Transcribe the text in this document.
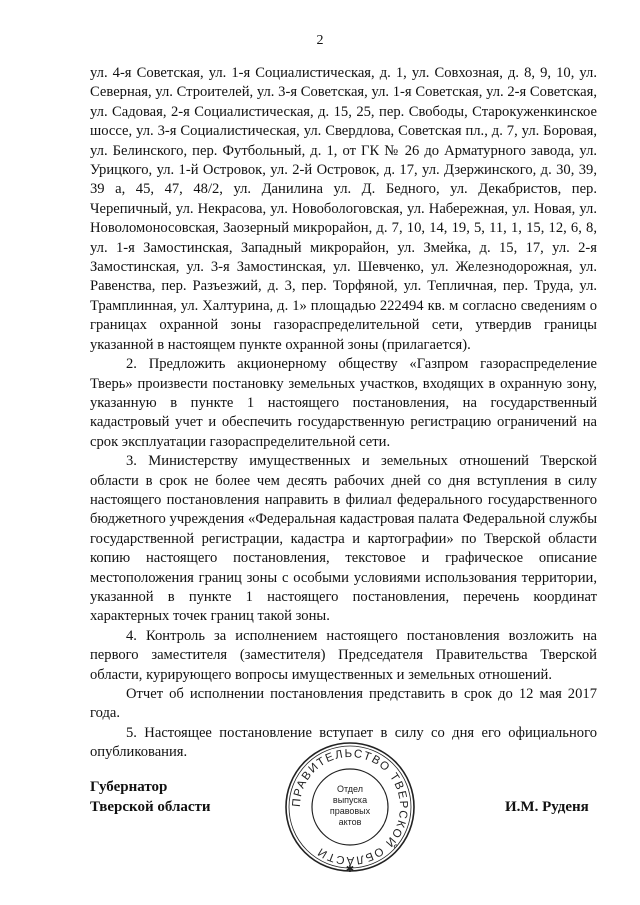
2

ул. 4-я Советская, ул. 1-я Социалистическая, д. 1, ул. Совхозная, д. 8, 9, 10, ул. Северная, ул. Строителей, ул. 3-я Советская, ул. 1-я Советская, ул. 2-я Советская, ул. Садовая, 2-я Социалистическая, д. 15, 25, пер. Свободы, Старокуженкинское шоссе, ул. 3-я Социалистическая, ул. Свердлова, Советская пл., д. 7, ул. Боровая, ул. Белинского, пер. Футбольный, д. 1, от ГК № 26 до Арматурного завода, ул. Урицкого, ул. 1-й Островок, ул. 2-й Островок, д. 17, ул. Дзержинского, д. 30, 39, 39 а, 45, 47, 48/2, ул. Данилина ул. Д. Бедного, ул. Декабристов, пер. Черепичный, ул. Некрасова, ул. Новобологовская, ул. Набережная, ул. Новая, ул. Новоломоносовская, Заозерный микрорайон, д. 7, 10, 14, 19, 5, 11, 1, 15, 12, 6, 8, ул. 1-я Замостинская, Западный микрорайон, ул. Змейка, д. 15, 17, ул. 2-я Замостинская, ул. 3-я Замостинская, ул. Шевченко, ул. Железнодорожная, ул. Равенства, пер. Разъезжий, д. 3, пер. Торфяной, ул. Тепличная, пер. Труда, ул. Трамплинная, ул. Халтурина, д. 1» площадью 222494 кв. м согласно сведениям о границах охранной зоны газораспределительной сети, утвердив границы указанной в настоящем пункте охранной зоны (прилагается).

2. Предложить акционерному обществу «Газпром газораспределение Тверь» произвести постановку земельных участков, входящих в охранную зону, указанную в пункте 1 настоящего постановления, на государственный кадастровый учет и обеспечить государственную регистрацию ограничений на срок эксплуатации газораспределительной сети.

3. Министерству имущественных и земельных отношений Тверской области в срок не более чем десять рабочих дней со дня вступления в силу настоящего постановления направить в филиал федерального государственного бюджетного учреждения «Федеральная кадастровая палата Федеральной службы государственной регистрации, кадастра и картографии» по Тверской области копию настоящего постановления, текстовое и графическое описание местоположения границ зоны с особыми условиями использования территории, указанной в пункте 1 настоящего постановления, перечень координат характерных точек границ такой зоны.

4. Контроль за исполнением настоящего постановления возложить на первого заместителя (заместителя) Председателя Правительства Тверской области, курирующего вопросы имущественных и земельных отношений.

Отчет об исполнении постановления представить в срок до 12 мая 2017 года.

5. Настоящее постановление вступает в силу со дня его официального опубликования.

Губернатор
Тверской области	ПРАВИТЕЛЬСТВО ТВЕРСКОЙ ОБЛАСТИ
✱
Отдел
выпуска
правовых
актов
И.М. Руденя
